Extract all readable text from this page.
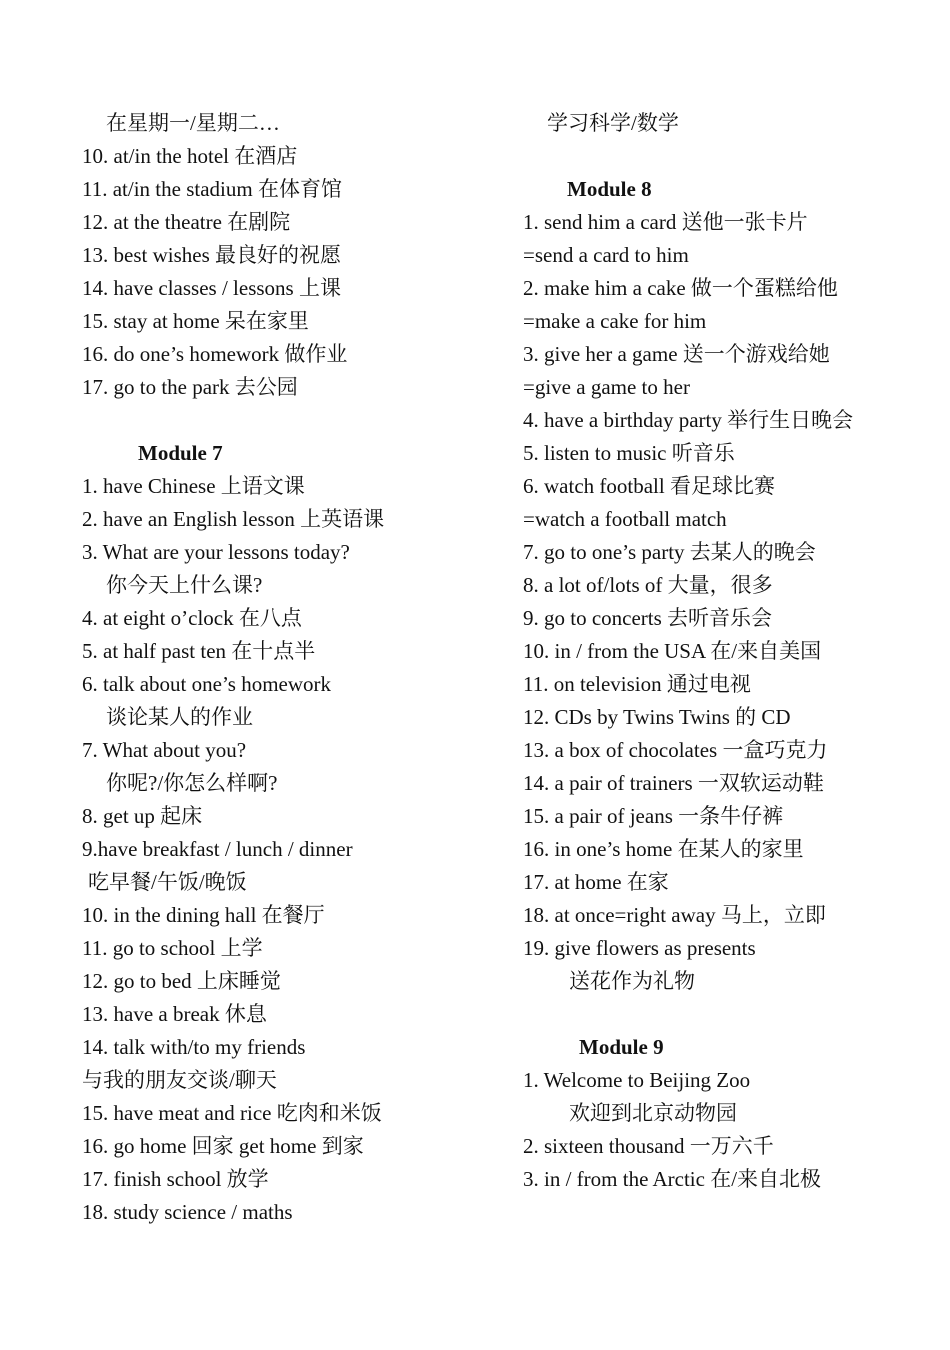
在星期一/星期二…
10. at/in the hotel 在酒店
11. at/in the stadium 在体育馆
12. at the theatre 在剧院
13. best wishes 最良好的祝愿
14. have classes / lessons 上课
15. stay at home 呆在家里
16. do one’s homework 做作业
17. go to the park 去公园
Module 7
1. have Chinese 上语文课
2. have an English lesson 上英语课
3. What are your lessons today?
你今天上什么课?
4. at eight o’clock 在八点
5. at half past ten 在十点半
6. talk about one’s homework
谈论某人的作业
7. What about you?
你呢?/你怎么样啊?
8. get up 起床
9.have breakfast / lunch / dinner
吃早餐/午饭/晚饭
10. in the dining hall 在餐厅
11. go to school 上学
12. go to bed 上床睡觉
13. have a break 休息
14. talk with/to my friends
与我的朋友交谈/聊天
15. have meat and rice 吃肉和米饭
16. go home 回家 get home 到家
17. finish school 放学
18. study science / maths
学习科学/数学
Module 8
1. send him a card 送他一张卡片
=send a card to him
2. make him a cake 做一个蛋糕给他
=make a cake for him
3. give her a game 送一个游戏给她
=give a game to her
4. have a birthday party 举行生日晚会
5. listen to music 听音乐
6. watch football 看足球比赛
=watch a football match
7. go to one’s party 去某人的晚会
8. a lot of/lots of 大量，很多
9. go to concerts 去听音乐会
10. in / from the USA 在/来自美国
11. on television 通过电视
12. CDs by Twins Twins 的 CD
13. a box of chocolates 一盒巧克力
14. a pair of trainers 一双软运动鞋
15. a pair of jeans 一条牛仔裤
16. in one’s home 在某人的家里
17. at home 在家
18. at once=right away 马上，立即
19. give flowers as presents
送花作为礼物
Module 9
1. Welcome to Beijing Zoo
欢迎到北京动物园
2. sixteen thousand 一万六千
3. in / from the Arctic 在/来自北极
